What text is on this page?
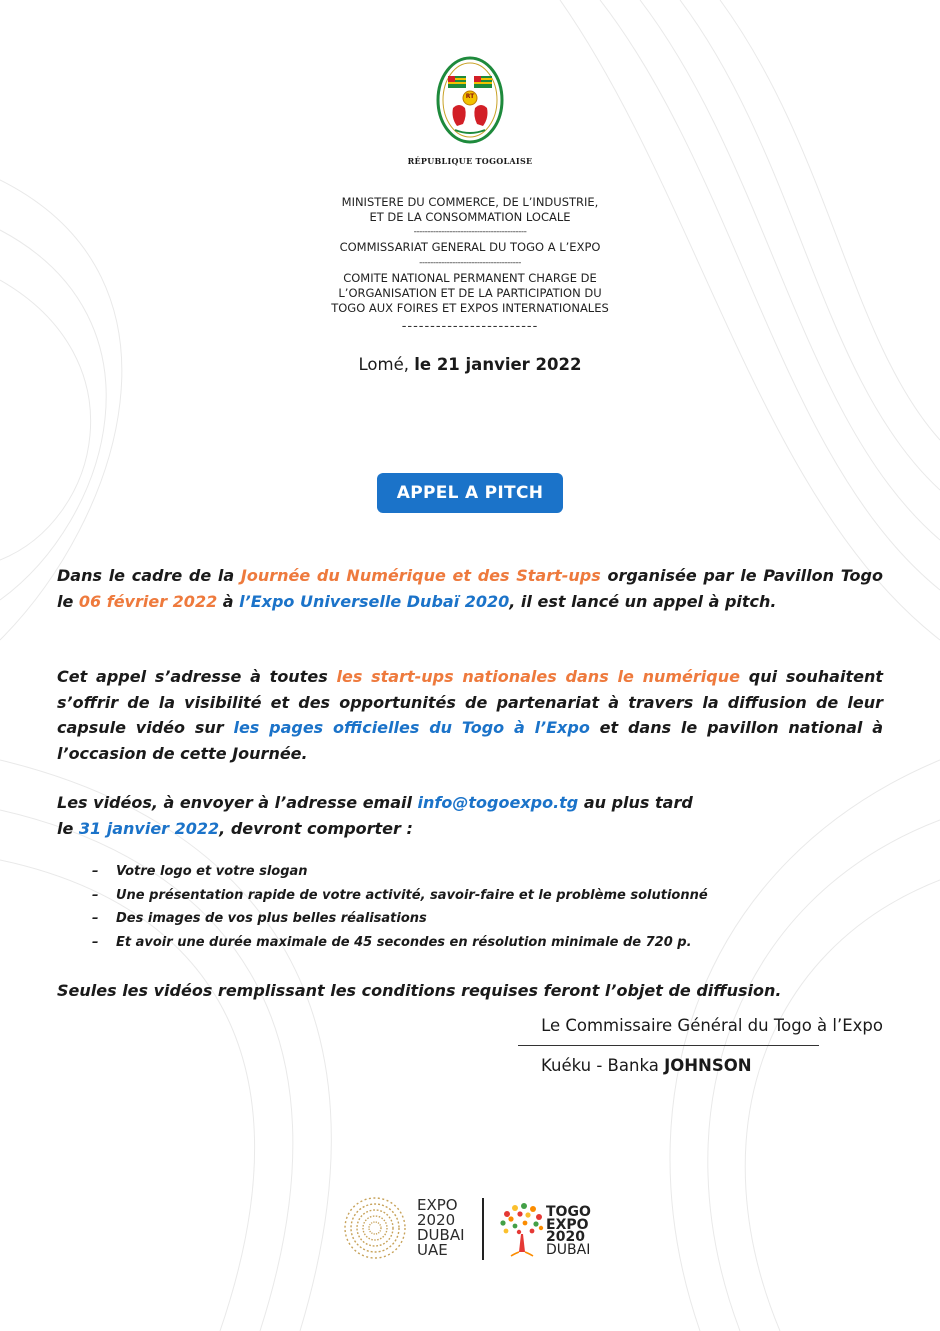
RT
RÉPUBLIQUE TOGOLAISE
MINISTERE DU COMMERCE, DE L’INDUSTRIE,
ET DE LA CONSOMMATION LOCALE
-----------------------------------------
COMMISSARIAT GENERAL DU TOGO A L’EXPO
-------------------------------------
COMITE NATIONAL PERMANENT CHARGE DE
L’ORGANISATION ET DE LA PARTICIPATION DU
TOGO AUX FOIRES ET EXPOS INTERNATIONALES
------------------------
Lomé, le 21 janvier 2022
APPEL A PITCH
Dans le cadre de la Journée du Numérique et des Start-ups organisée par le Pavillon Togo le 06 février 2022 à l’Expo Universelle Dubaï 2020, il est lancé un appel à pitch.
Cet appel s’adresse à toutes les start-ups nationales dans le numérique qui souhaitent s’offrir de la visibilité et des opportunités de partenariat à travers la diffusion de leur capsule vidéo sur les pages officielles du Togo à l’Expo et dans le pavillon national à l’occasion de cette Journée.
Les vidéos, à envoyer à l’adresse email info@togoexpo.tg au plus tard
le 31 janvier 2022, devront comporter :
– Votre logo et votre slogan
– Une présentation rapide de votre activité, savoir-faire et le problème solutionné
– Des images de vos plus belles réalisations
– Et avoir une durée maximale de 45 secondes en résolution minimale de 720 p.
Seules les vidéos remplissant les conditions requises feront l’objet de diffusion.
Le Commissaire Général du Togo à l’Expo
Kuéku - Banka JOHNSON
EXPO
2020
DUBAI
UAE
TOGO
EXPO
2020
DUBAI
